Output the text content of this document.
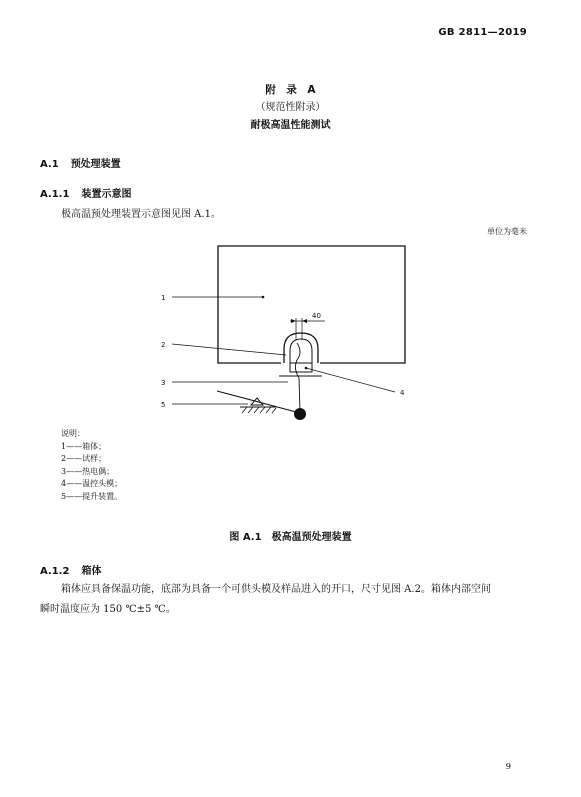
GB 2811—2019
附　录　A
（规范性附录）
耐极高温性能测试
A.1 预处理装置
A.1.1 装置示意图
极高温预处理装置示意图见图 A.1。
单位为毫米
40
1
2
3
5
4
说明：
1——箱体；
2——试样；
3——热电偶；
4——温控头模；
5——提升装置。
图 A.1　极高温预处理装置
A.1.2 箱体
箱体应具备保温功能，底部为具备一个可供头模及样品进入的开口，尺寸见图 A.2。箱体内部空间
瞬时温度应为 150 ℃±5 ℃。
9
